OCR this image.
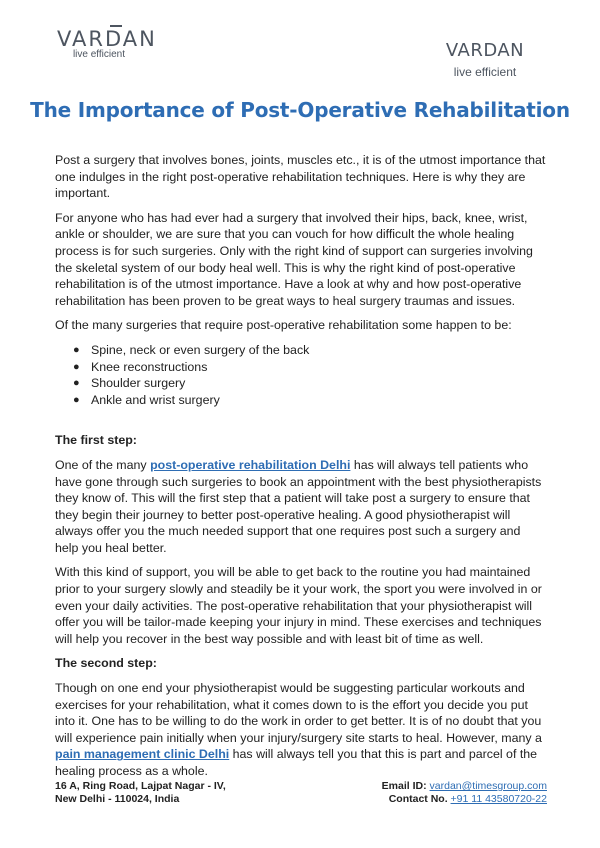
VARDAN
live efficient	VARDAN
live efficient
The Importance of Post-Operative Rehabilitation

Post a surgery that involves bones, joints, muscles etc., it is of the utmost importance that one indulges in the right post-operative rehabilitation techniques. Here is why they are important.

For anyone who has had ever had a surgery that involved their hips, back, knee, wrist, ankle or shoulder, we are sure that you can vouch for how difficult the whole healing process is for such surgeries. Only with the right kind of support can surgeries involving the skeletal system of our body heal well. This is why the right kind of post-operative rehabilitation is of the utmost importance. Have a look at why and how post-operative rehabilitation has been proven to be great ways to heal surgery traumas and issues.

Of the many surgeries that require post-operative rehabilitation some happen to be:

● Spine, neck or even surgery of the back
● Knee reconstructions
● Shoulder surgery
● Ankle and wrist surgery

The first step:

One of the many post-operative rehabilitation Delhi has will always tell patients who have gone through such surgeries to book an appointment with the best physiotherapists they know of. This will the first step that a patient will take post a surgery to ensure that they begin their journey to better post-operative healing. A good physiotherapist will always offer you the much needed support that one requires post such a surgery and help you heal better.

With this kind of support, you will be able to get back to the routine you had maintained prior to your surgery slowly and steadily be it your work, the sport you were involved in or even your daily activities. The post-operative rehabilitation that your physiotherapist will offer you will be tailor-made keeping your injury in mind. These exercises and techniques will help you recover in the best way possible and with least bit of time as well.

The second step:

Though on one end your physiotherapist would be suggesting particular workouts and exercises for your rehabilitation, what it comes down to is the effort you decide you put into it. One has to be willing to do the work in order to get better. It is of no doubt that you will experience pain initially when your injury/surgery site starts to heal. However, many a pain management clinic Delhi has will always tell you that this is part and parcel of the healing process as a whole.

16 A, Ring Road, Lajpat Nagar - IV,
New Delhi - 110024, India
Email ID: vardan@timesgroup.com
Contact No. +91 11 43580720-22
